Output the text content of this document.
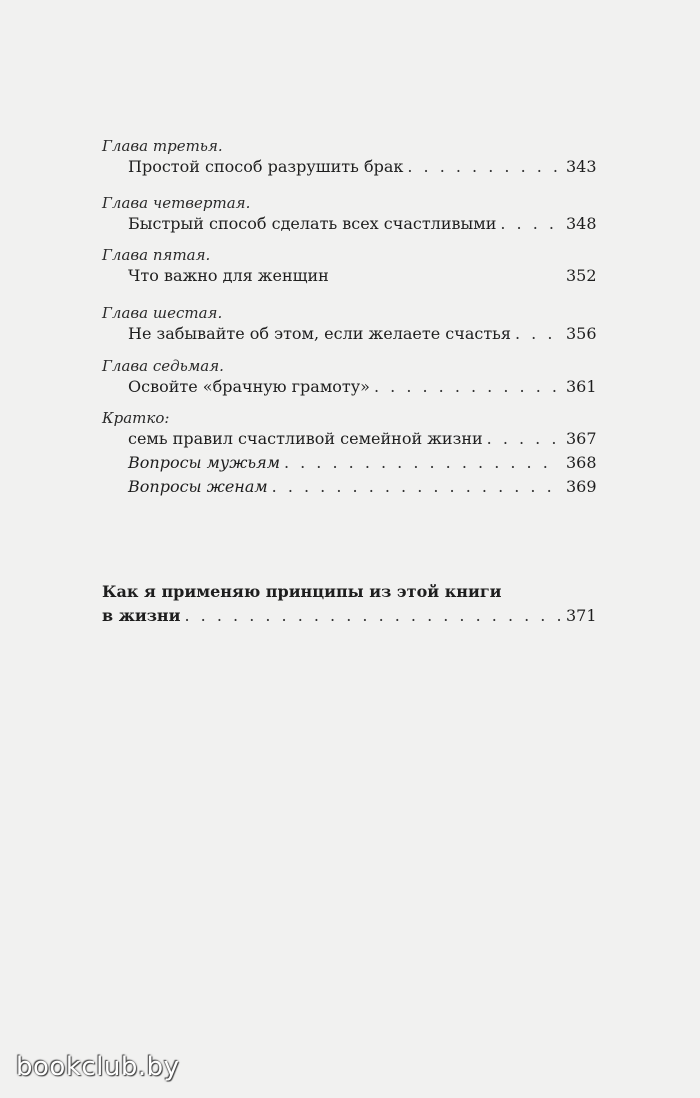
Глава третья.
Простой способ разрушить брак . . .	343
Глава четвертая.
Быстрый способ сделать всех счастливыми . . .	348
Глава пятая.
Что важно для женщин	352
Глава шестая.
Не забывайте об этом, если желаете счастья . . .	356
Глава седьмая.
Освойте «брачную грамоту» . . .	361
Кратко:
семь правил счастливой семейной жизни . . .	367
Вопросы мужьям . . .	368
Вопросы женам . . .	369
Как я применяю принципы из этой книги
в жизни . . .	371
bookclub.by
